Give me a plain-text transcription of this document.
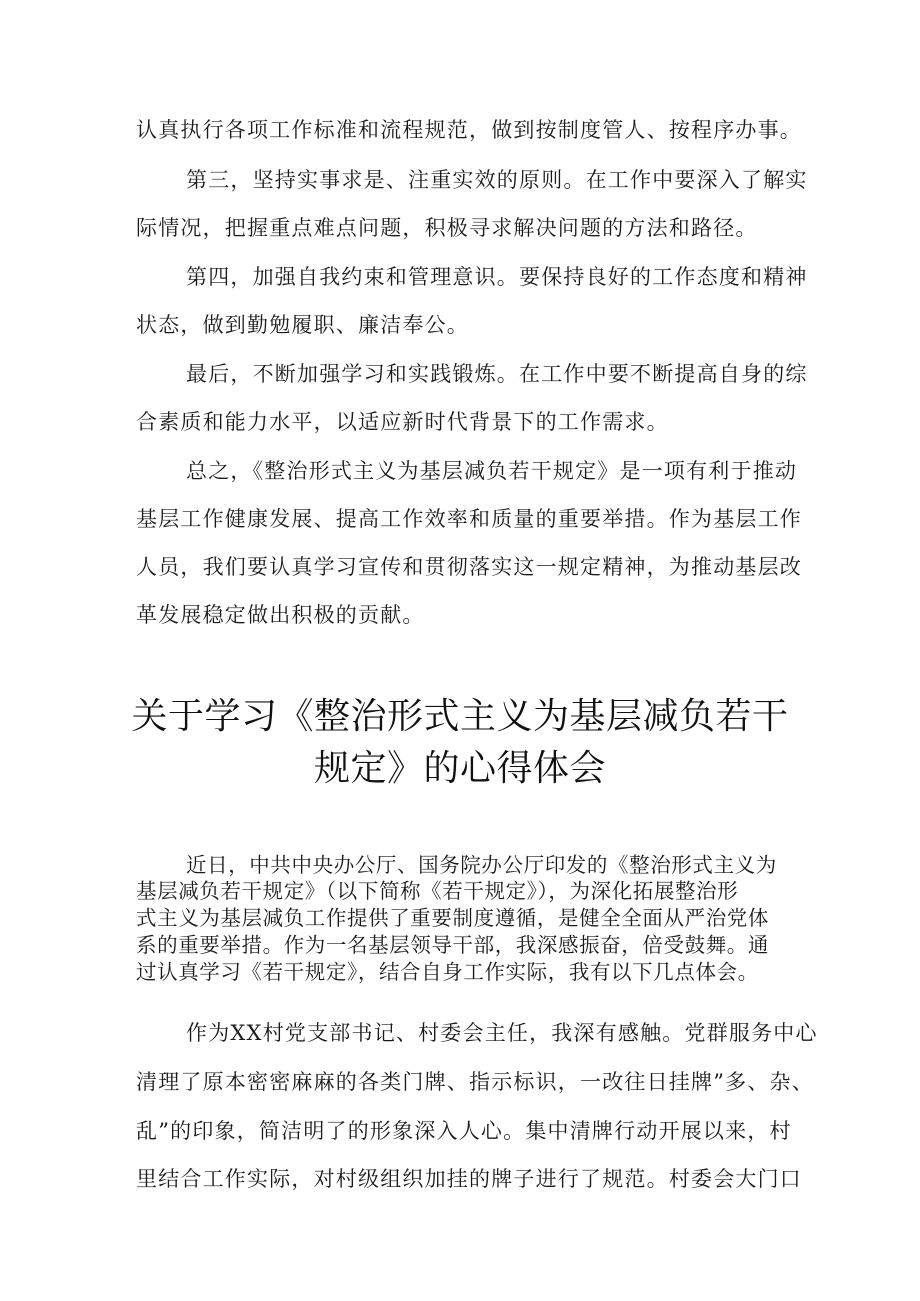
认真执行各项工作标准和流程规范，做到按制度管人、按程序办事。
第三，坚持实事求是、注重实效的原则。在工作中要深入了解实
际情况，把握重点难点问题，积极寻求解决问题的方法和路径。
第四，加强自我约束和管理意识。要保持良好的工作态度和精神
状态，做到勤勉履职、廉洁奉公。
最后，不断加强学习和实践锻炼。在工作中要不断提高自身的综
合素质和能力水平，以适应新时代背景下的工作需求。
总之，《整治形式主义为基层减负若干规定》是一项有利于推动
基层工作健康发展、提高工作效率和质量的重要举措。作为基层工作
人员，我们要认真学习宣传和贯彻落实这一规定精神，为推动基层改
革发展稳定做出积极的贡献。
关于学习《整治形式主义为基层减负若干
规定》的心得体会
近日，中共中央办公厅、国务院办公厅印发的《整治形式主义为
基层减负若干规定》（以下简称《若干规定》），为深化拓展整治形
式主义为基层减负工作提供了重要制度遵循，是健全全面从严治党体
系的重要举措。作为一名基层领导干部，我深感振奋，倍受鼓舞。通
过认真学习《若干规定》，结合自身工作实际，我有以下几点体会。
作为XX村党支部书记、村委会主任，我深有感触。党群服务中心
清理了原本密密麻麻的各类门牌、指示标识，一改往日挂牌”多、杂、
乱”的印象，简洁明了的形象深入人心。集中清牌行动开展以来，村
里结合工作实际，对村级组织加挂的牌子进行了规范。村委会大门口
